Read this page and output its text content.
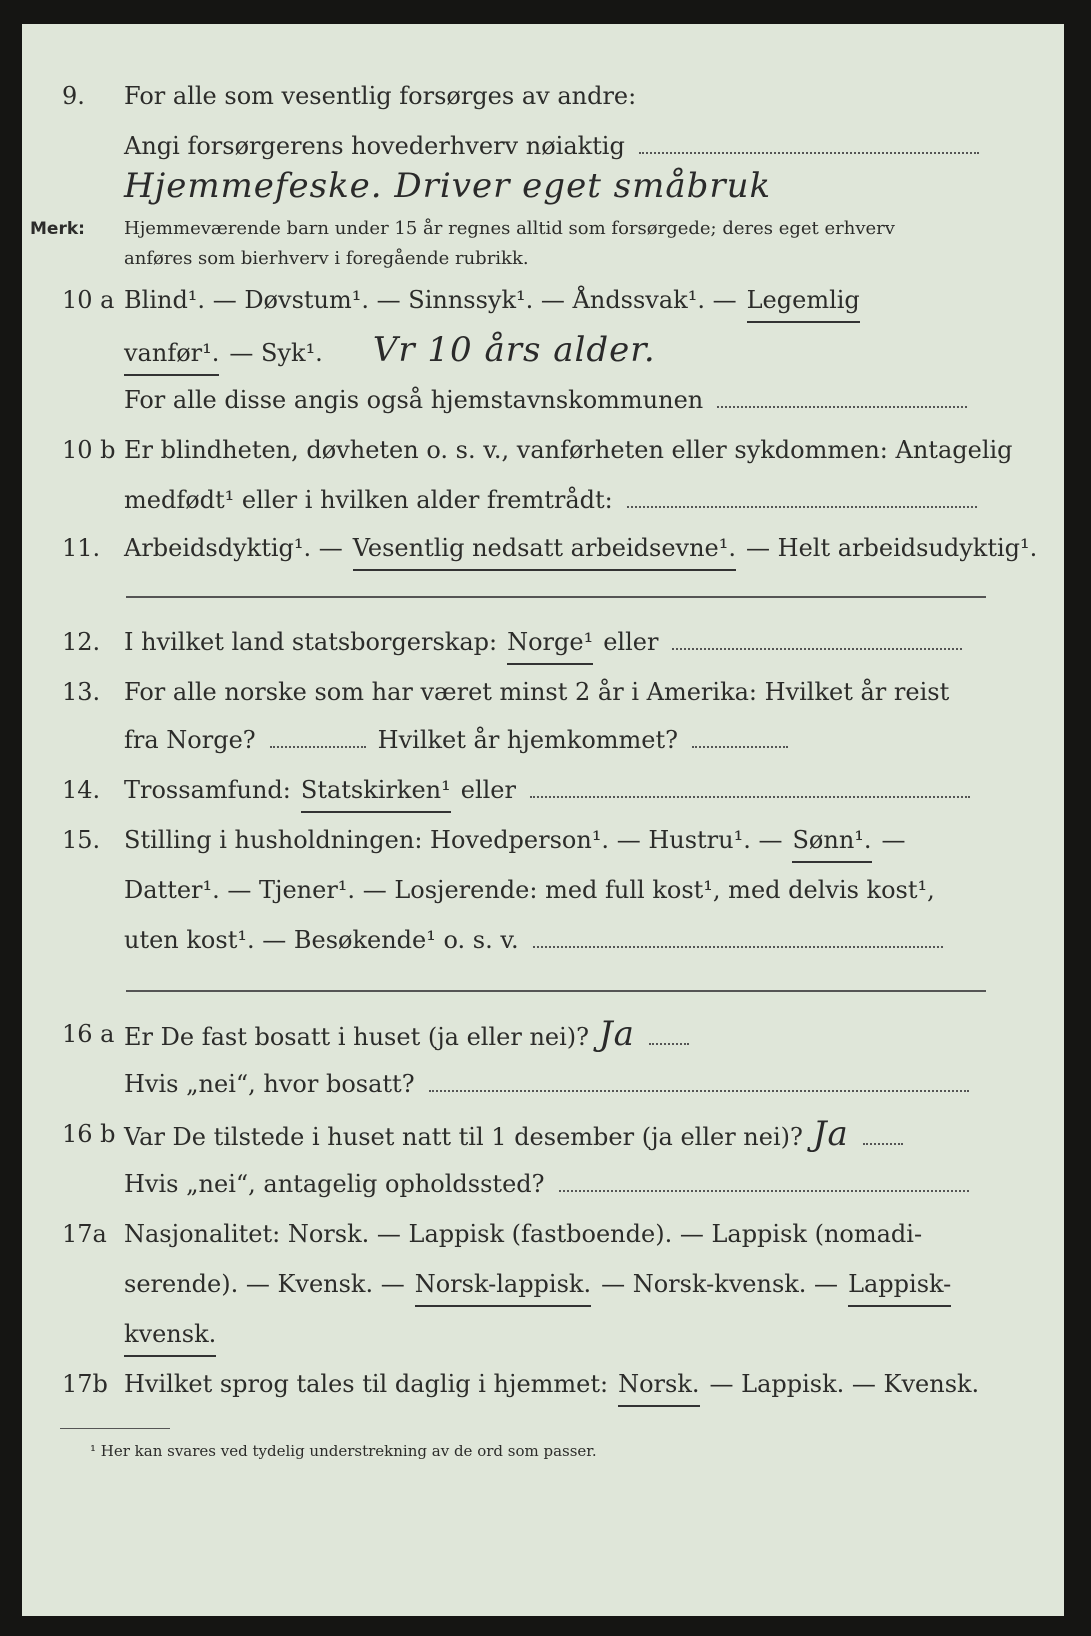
9. For alle som vesentlig forsørges av andre:
Angi forsørgerens hovederhverv nøiaktig
Hjemmefeske. Driver eget småbruk
Merk: Hjemmeværende barn under 15 år regnes alltid som forsørgede; deres eget erhverv
anføres som bierhverv i foregående rubrikk.
10 a Blind¹. — Døvstum¹. — Sinnssyk¹. — Åndssvak¹. — Legemlig
vanfør¹. — Syk¹. Vr 10 års alder.
For alle disse angis også hjemstavnskommunen
10 b Er blindheten, døvheten o. s. v., vanførheten eller sykdommen: Antagelig
medfødt¹ eller i hvilken alder fremtrådt:
11. Arbeidsdyktig¹. — Vesentlig nedsatt arbeidsevne¹. — Helt arbeidsudyktig¹.
12. I hvilket land statsborgerskap: Norge¹ eller
13. For alle norske som har været minst 2 år i Amerika: Hvilket år reist
fra Norge?	Hvilket år hjemkommet?
14. Trossamfund: Statskirken¹ eller
15. Stilling i husholdningen: Hovedperson¹. — Hustru¹. — Sønn¹. —
Datter¹. — Tjener¹. — Losjerende: med full kost¹, med delvis kost¹,
uten kost¹. — Besøkende¹ o. s. v.
16 a Er De fast bosatt i huset (ja eller nei)? Ja
Hvis „nei“, hvor bosatt?
16 b Var De tilstede i huset natt til 1 desember (ja eller nei)? Ja
Hvis „nei“, antagelig opholdssted?
17a Nasjonalitet: Norsk. — Lappisk (fastboende). — Lappisk (nomadi-
serende). — Kvensk. — Norsk-lappisk. — Norsk-kvensk. — Lappisk-
kvensk.
17b Hvilket sprog tales til daglig i hjemmet: Norsk. — Lappisk. — Kvensk.
¹ Her kan svares ved tydelig understrekning av de ord som passer.
